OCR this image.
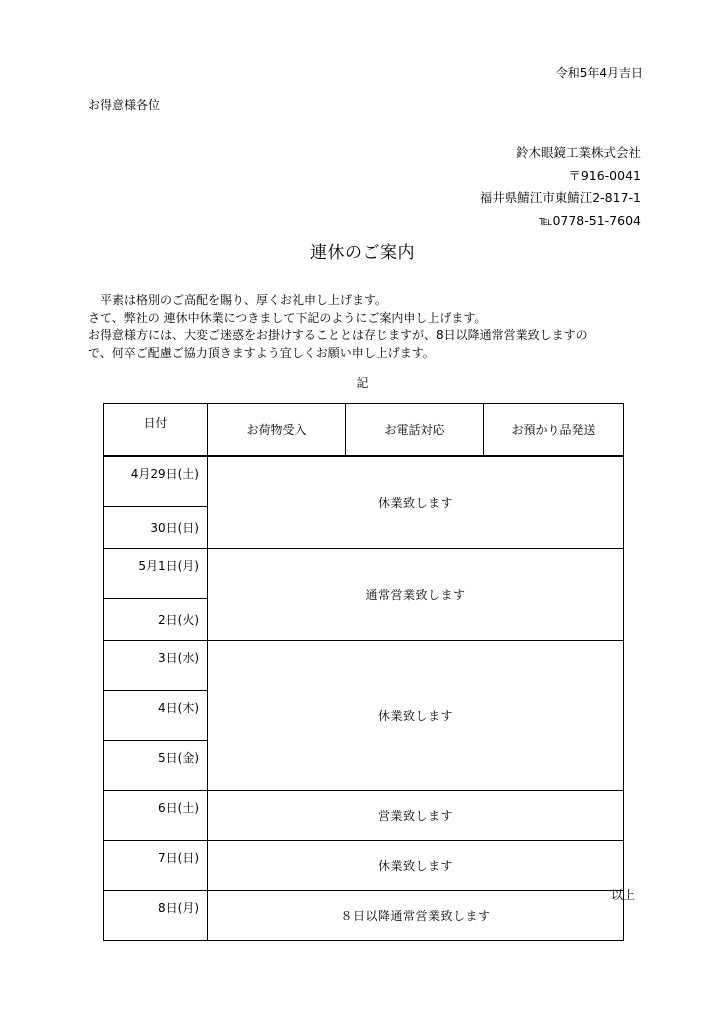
令和5年4月吉日
お得意様各位
鈴木眼鏡工業株式会社
〒916-0041
福井県鯖江市東鯖江2-817-1
℡0778-51-7604
連休のご案内
　平素は格別のご高配を賜り、厚くお礼申し上げます。
さて、弊社の 連休中休業につきまして下記のようにご案内申し上げます。
お得意様方には、大変ご迷惑をお掛けすることとは存じますが、8日以降通常営業致しますの
で、何卒ご配慮ご協力頂きますよう宜しくお願い申し上げます。
記
日付	お荷物受入	お電話対応	お預かり品発送
4月29日(土)	休業致します		
30日(日)			
5月1日(月)	通常営業致します		
2日(火)			
3日(水)	休業致します		
4日(木)			
5日(金)			
6日(土)	営業致します		
7日(日)	休業致します		
8日(月)	８日以降通常営業致します		
以上
